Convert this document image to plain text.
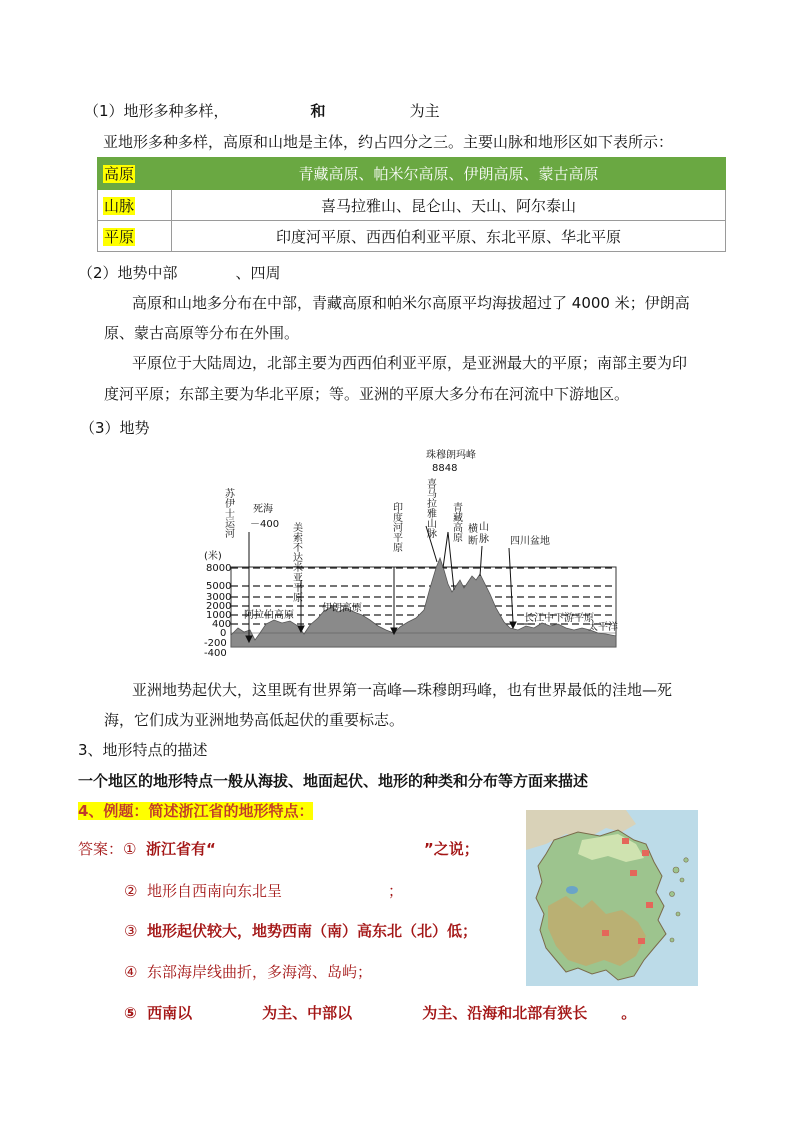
（1）地形多种多样，	和	为主
亚地形多种多样，高原和山地是主体，约占四分之三。主要山脉和地形区如下表所示：
高原	青藏高原、帕米尔高原、伊朗高原、蒙古高原
山脉	喜马拉雅山、昆仑山、天山、阿尔泰山
平原	印度河平原、西西伯利亚平原、东北平原、华北平原
（2）地势中部	、四周
高原和山地多分布在中部，青藏高原和帕米尔高原平均海拔超过了 4000 米；伊朗高
原、蒙古高原等分布在外围。
平原位于大陆周边，北部主要为西西伯利亚平原，是亚洲最大的平原；南部主要为印
度河平原；东部主要为华北平原；等。亚洲的平原大多分布在河流中下游地区。
（3）地势
(米)
8000
5000
3000
2000
1000
400
0
-200
-400
苏伊士运河 死海
－400 美索不达米亚平原
阿拉伯高原
伊朗高原
印度河平原
珠穆朗玛峰
8848
喜马拉雅山脉 青藏高原 横
断
山
脉 四川盆地
长江中下游平原
太平洋
亚洲地势起伏大，这里既有世界第一高峰—珠穆朗玛峰，也有世界最低的洼地—死
海，它们成为亚洲地势高低起伏的重要标志。
3、地形特点的描述
一个地区的地形特点一般从海拔、地面起伏、地形的种类和分布等方面来描述
4、例题：简述浙江省的地形特点：
答案：① 浙江省有“	”之说；
② 地形自西南向东北呈	；
③ 地形起伏较大，地势西南（南）高东北（北）低；
④ 东部海岸线曲折，多海湾、岛屿；
⑤ 西南以	为主、中部以	为主、沿海和北部有狭长 。
